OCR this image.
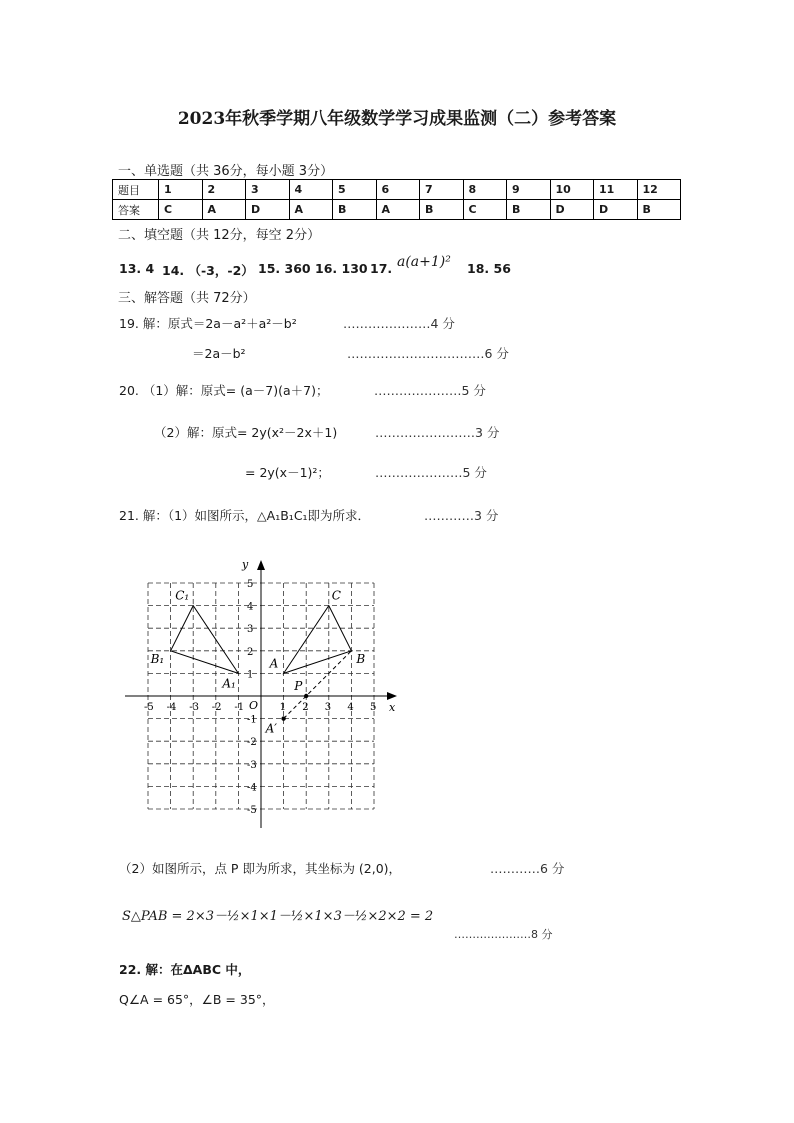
2023年秋季学期八年级数学学习成果监测（二）参考答案
一、单选题（共 36分，每小题 3分）
题目	1	2	3	4	5	6	7	8	9	10	11	12
答案	C	A	D	A	B	A	B	C	B	D	D	B
二、填空题（共 12分，每空 2分）
13. 4 14. （-3，-2） 15. 360 16. 130 17. a(a+1)² 18. 56
三、解答题（共 72分）
19. 解：原式＝2a－a²＋a²－b²	…………………4 分
＝2a－b²	……………………………6 分
20. （1）解：原式= (a－7)(a＋7)；	…………………5 分
（2）解：原式= 2y(x²－2x＋1)	……………………3 分
= 2y(x－1)²；	…………………5 分
21. 解：（1）如图所示，△A₁B₁C₁即为所求．	…………3 分
x
y
O
-5 -4 -3 -2 -1	1 2 3 4 5
5
4
3
2
1
-1
-2
-3
-4
-5
A	B
C
A₁
B₁
C₁
P
A′
（2）如图所示，点 P 即为所求，其坐标为 (2,0)，	…………6 分
S△PAB = 2×3－½×1×1－½×1×3－½×2×2 = 2
…………………8 分
22. 解：在ΔABC 中，
Q∠A = 65°，∠B = 35°，
